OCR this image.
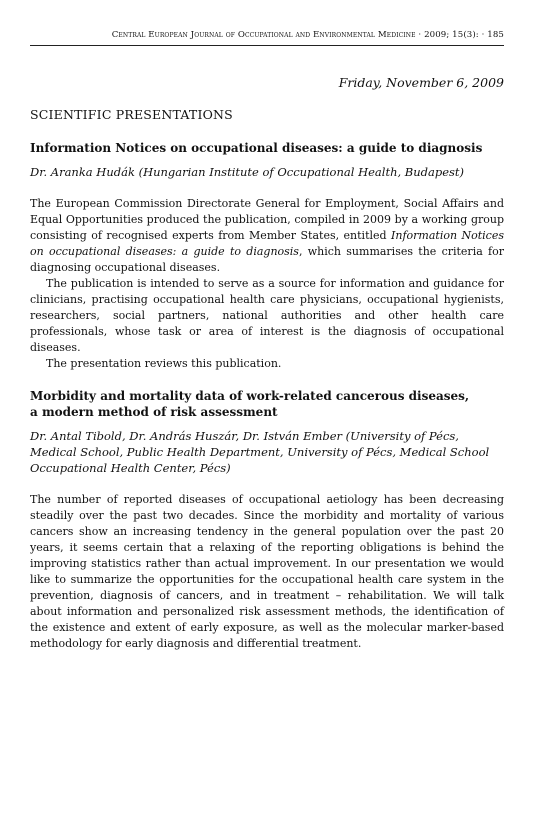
Central European Journal of Occupational and Environmental Medicine · 2009; 15(3): · 185
Friday, November 6, 2009
SCIENTIFIC PRESENTATIONS
Information Notices on occupational diseases: a guide to diagnosis
Dr. Aranka Hudák (Hungarian Institute of Occupational Health, Budapest)

The European Commission Directorate General for Employment, Social Affairs and Equal Opportunities produced the publication, compiled in 2009 by a working group consisting of recognised experts from Member States, entitled Information Notices on occupational diseases: a guide to diagnosis, which summarises the criteria for diagnosing occupational diseases.

The publication is intended to serve as a source for information and guidance for clinicians, practising occupational health care physicians, occupational hygienists, researchers, social partners, national authorities and other health care professionals, whose task or area of interest is the diagnosis of occupational diseases.

The presentation reviews this publication.

Morbidity and mortality data of work-related cancerous diseases,
a modern method of risk assessment
Dr. Antal Tibold, Dr. András Huszár, Dr. István Ember (University of Pécs,
Medical School, Public Health Department, University of Pécs, Medical School
Occupational Health Center, Pécs)

The number of reported diseases of occupational aetiology has been decreasing steadily over the past two decades. Since the morbidity and mortality of various cancers show an increasing tendency in the general population over the past 20 years, it seems certain that a relaxing of the reporting obligations is behind the improving statistics rather than actual improvement. In our presentation we would like to summarize the opportunities for the occupational health care system in the prevention, diagnosis of cancers, and in treatment – rehabilitation. We will talk about information and personalized risk assessment methods, the identification of the existence and extent of early exposure, as well as the molecular marker-based methodology for early diagnosis and differential treatment.
